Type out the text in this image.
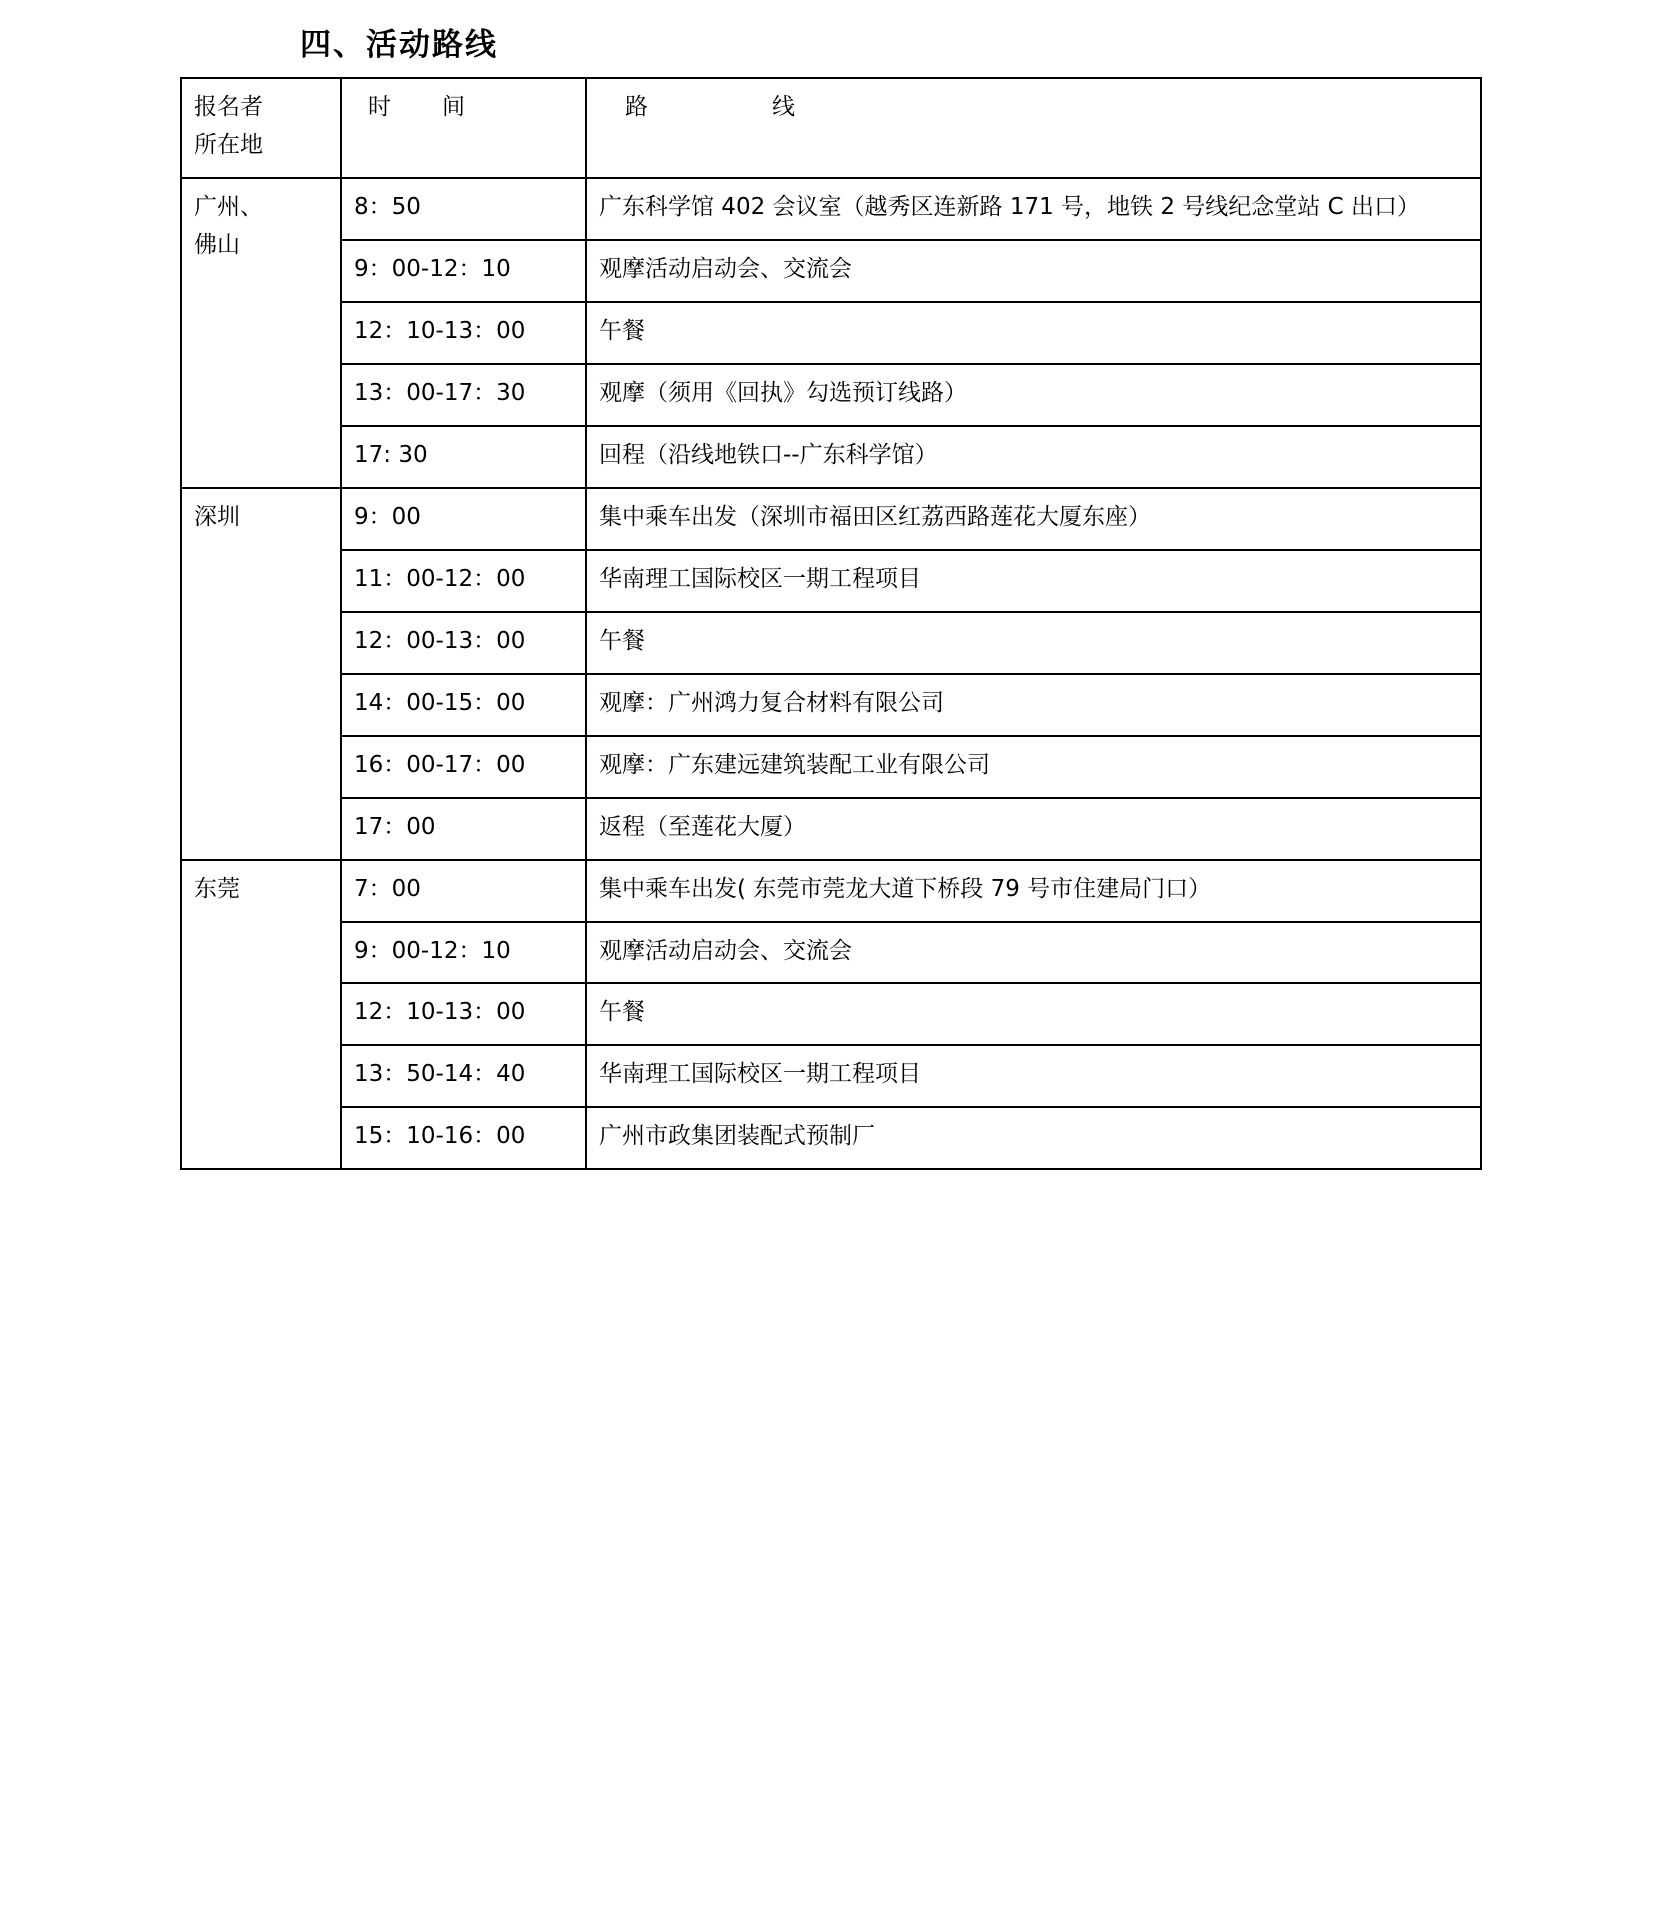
四、活动路线
报名者
所在地	时　间	路　　线

广州、
佛山	8：50	广东科学馆 402 会议室（越秀区连新路 171 号，地铁 2 号线纪念堂站 C 出口）
	9：00-12：10	观摩活动启动会、交流会
	12：10-13：00	午餐
	13：00-17：30	观摩（须用《回执》勾选预订线路）
	17: 30	回程（沿线地铁口--广东科学馆）

深圳	9：00	集中乘车出发（深圳市福田区红荔西路莲花大厦东座）
	11：00-12：00	华南理工国际校区一期工程项目
	12：00-13：00	午餐
	14：00-15：00	观摩：广州鸿力复合材料有限公司
	16：00-17：00	观摩：广东建远建筑装配工业有限公司
	17：00	返程（至莲花大厦）

东莞	7：00	集中乘车出发( 东莞市莞龙大道下桥段 79 号市住建局门口）
	9：00-12：10	观摩活动启动会、交流会
	12：10-13：00	午餐
	13：50-14：40	华南理工国际校区一期工程项目
	15：10-16：00	广州市政集团装配式预制厂
